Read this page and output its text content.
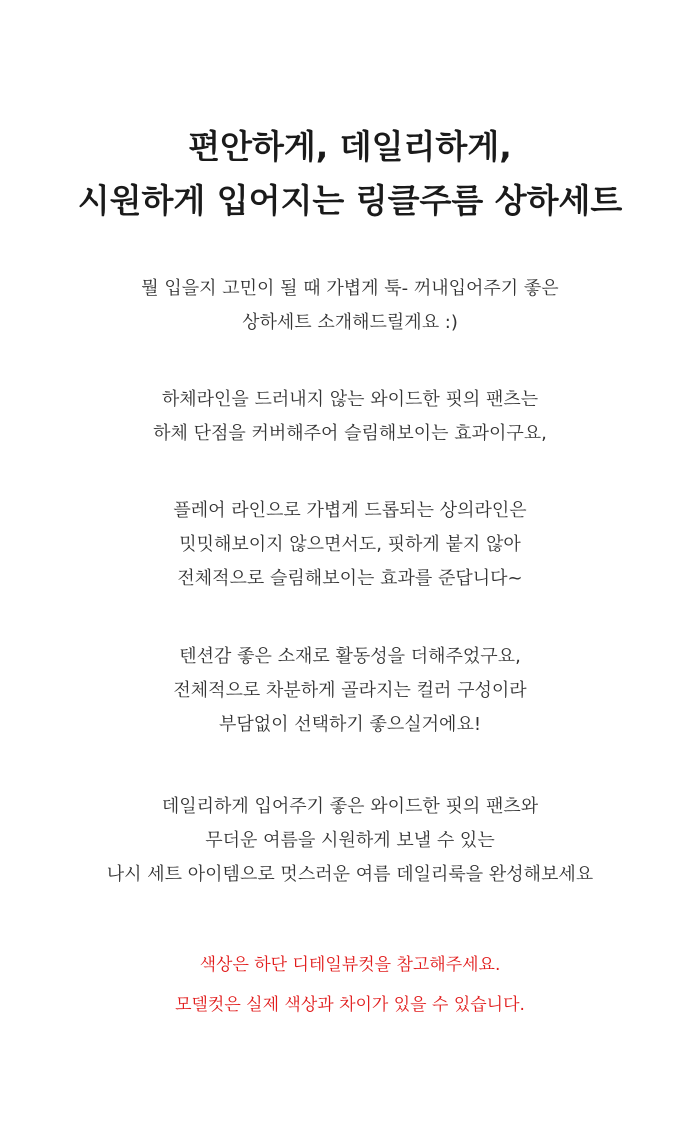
편안하게, 데일리하게,
시원하게 입어지는 링클주름 상하세트

뭘 입을지 고민이 될 때 가볍게 툭- 꺼내입어주기 좋은
상하세트 소개해드릴게요 :)

하체라인을 드러내지 않는 와이드한 핏의 팬츠는
하체 단점을 커버해주어 슬림해보이는 효과이구요,

플레어 라인으로 가볍게 드롭되는 상의라인은
밋밋해보이지 않으면서도, 핏하게 붙지 않아
전체적으로 슬림해보이는 효과를 준답니다~

텐션감 좋은 소재로 활동성을 더해주었구요,
전체적으로 차분하게 골라지는 컬러 구성이라
부담없이 선택하기 좋으실거에요!

데일리하게 입어주기 좋은 와이드한 핏의 팬츠와
무더운 여름을 시원하게 보낼 수 있는
나시 세트 아이템으로 멋스러운 여름 데일리룩을 완성해보세요

색상은 하단 디테일뷰컷을 참고해주세요.
모델컷은 실제 색상과 차이가 있을 수 있습니다.
